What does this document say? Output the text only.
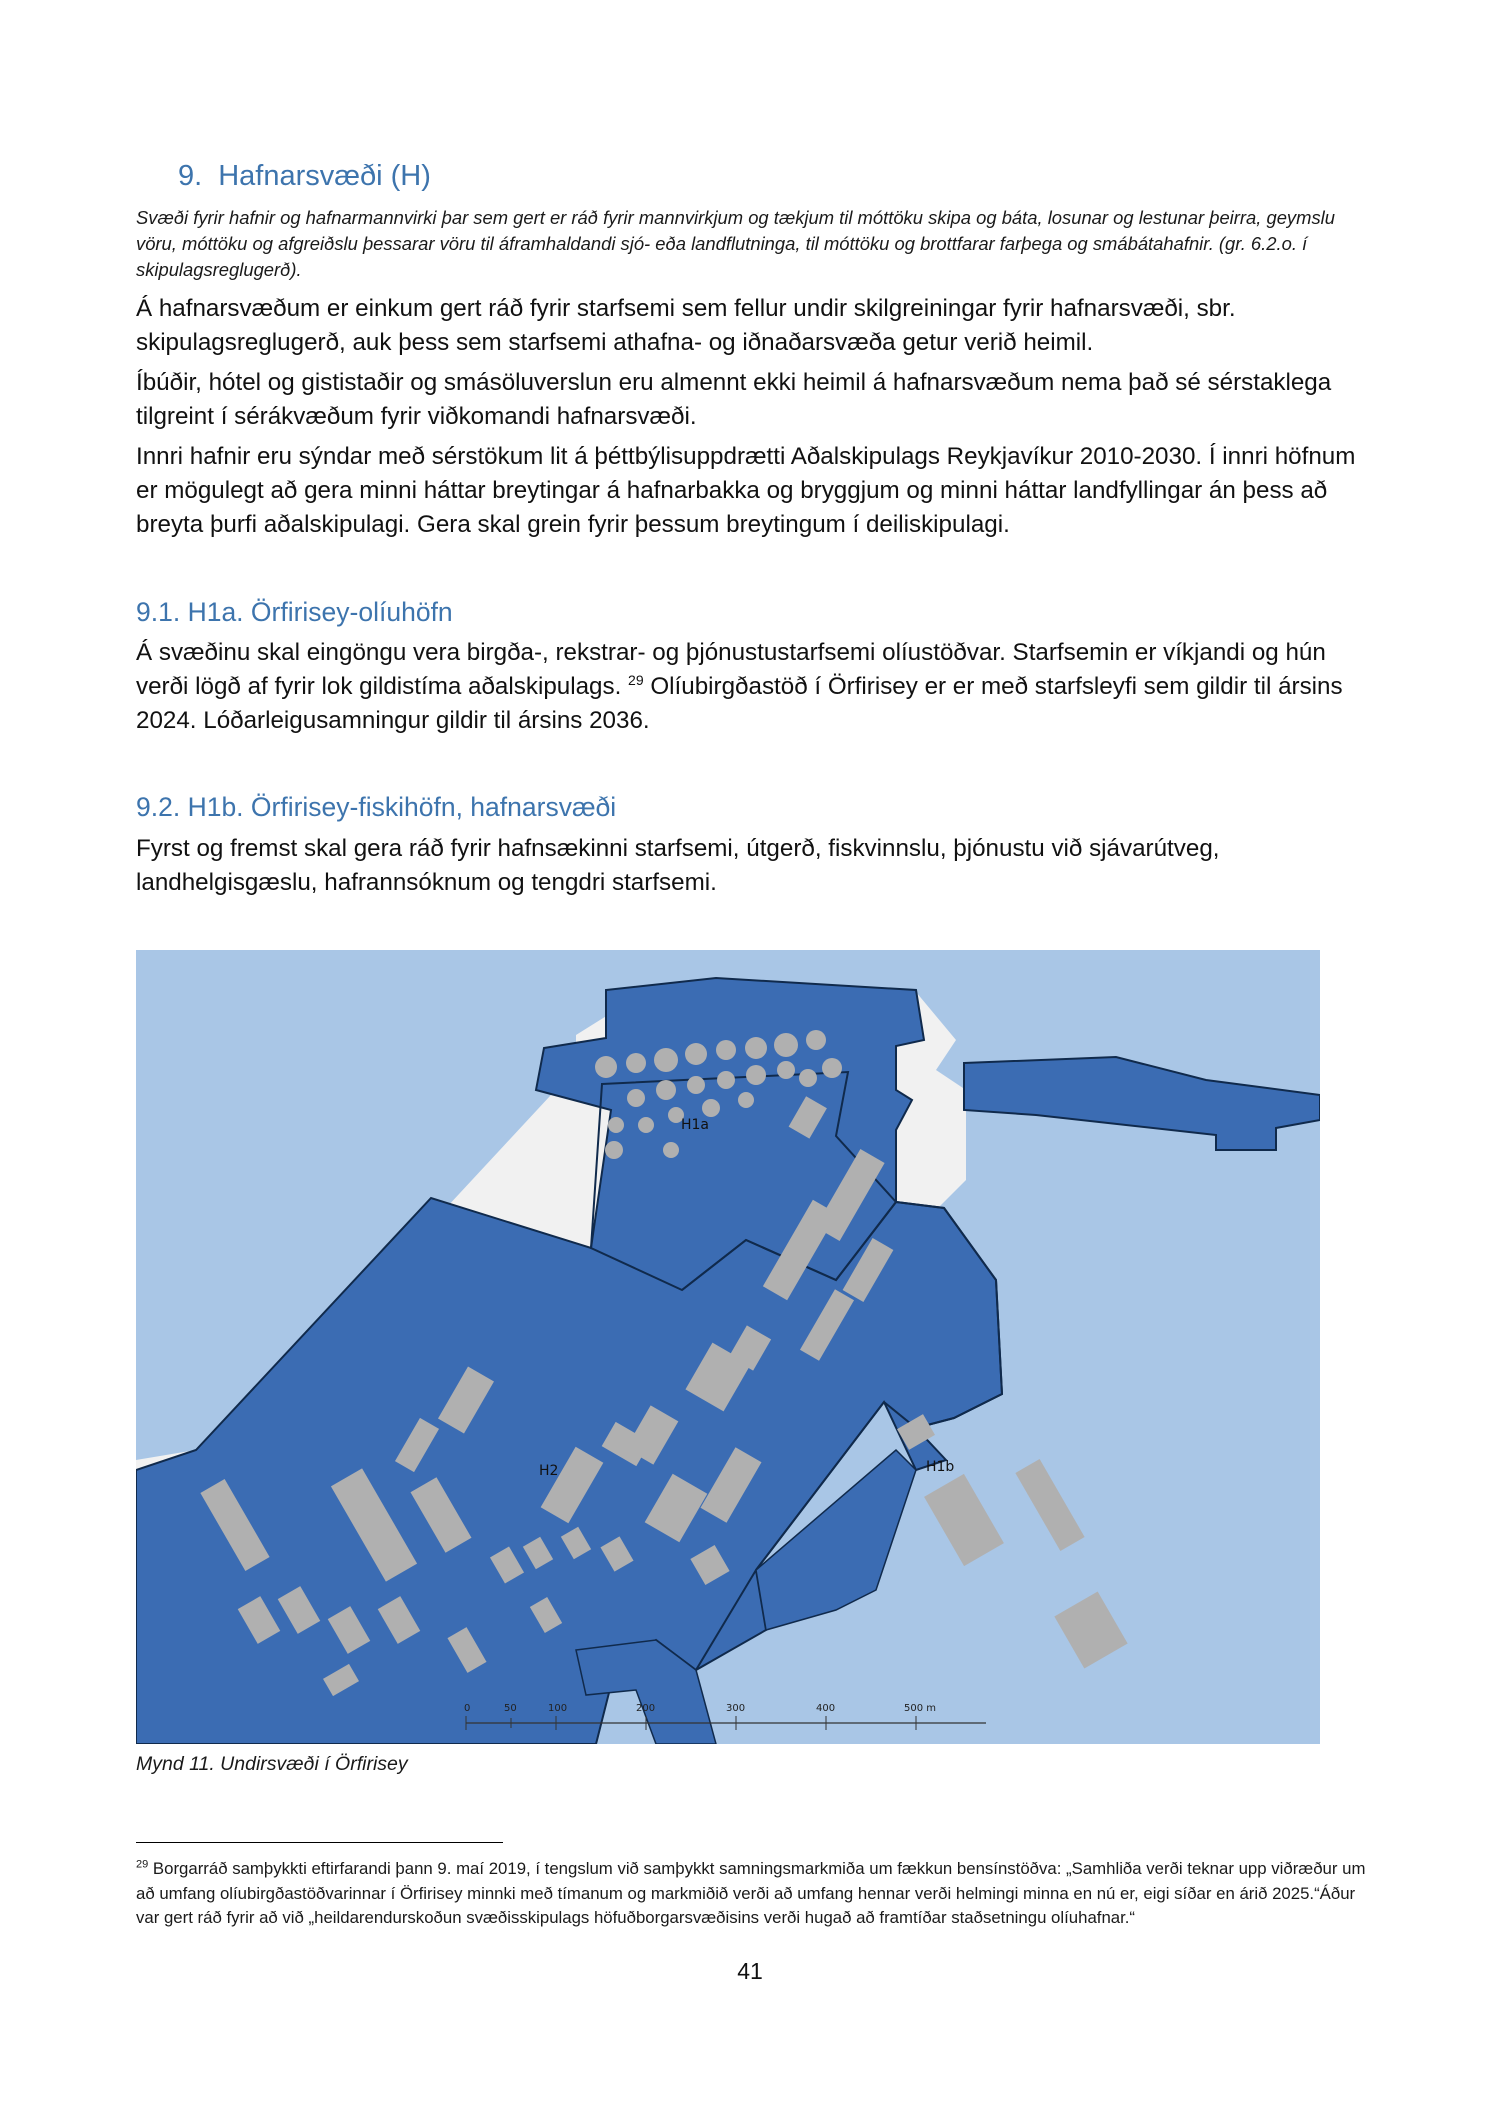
9. Hafnarsvæði (H)

Svæði fyrir hafnir og hafnarmannvirki þar sem gert er ráð fyrir mannvirkjum og tækjum til móttöku skipa og báta, losunar og lestunar þeirra, geymslu vöru, móttöku og afgreiðslu þessarar vöru til áframhaldandi sjó- eða landflutninga, til móttöku og brottfarar farþega og smábátahafnir. (gr. 6.2.o. í skipulagsreglugerð).

Á hafnarsvæðum er einkum gert ráð fyrir starfsemi sem fellur undir skilgreiningar fyrir hafnarsvæði, sbr. skipulagsreglugerð, auk þess sem starfsemi athafna- og iðnaðarsvæða getur verið heimil.

Íbúðir, hótel og gististaðir og smásöluverslun eru almennt ekki heimil á hafnarsvæðum nema það sé sérstaklega tilgreint í sérákvæðum fyrir viðkomandi hafnarsvæði.

Innri hafnir eru sýndar með sérstökum lit á þéttbýlisuppdrætti Aðalskipulags Reykjavíkur 2010-2030. Í innri höfnum er mögulegt að gera minni háttar breytingar á hafnarbakka og bryggjum og minni háttar landfyllingar án þess að breyta þurfi aðalskipulagi. Gera skal grein fyrir þessum breytingum í deiliskipulagi.

9.1. H1a. Örfirisey-olíuhöfn

Á svæðinu skal eingöngu vera birgða-, rekstrar- og þjónustustarfsemi olíustöðvar. Starfsemin er víkjandi og hún verði lögð af fyrir lok gildistíma aðalskipulags. $^{29}$ Olíubirgðastöð í Örfirisey er er með starfsleyfi sem gildir til ársins 2024. Lóðarleigusamningur gildir til ársins 2036.

9.2. H1b. Örfirisey-fiskihöfn, hafnarsvæði

Fyrst og fremst skal gera ráð fyrir hafnsækinni starfsemi, útgerð, fiskvinnslu, þjónustu við sjávarútveg, landhelgisgæslu, hafrannsóknum og tengdri starfsemi.

H1a
H1b
H2
0	50	100	200	300	400	500 m

Mynd 11. Undirsvæði í Örfirisey

$^{29}$ Borgarráð samþykkti eftirfarandi þann 9. maí 2019, í tengslum við samþykkt samningsmarkmiða um fækkun bensínstöðva: „Samhliða verði teknar upp viðræður um að umfang olíubirgðastöðvarinnar í Örfirisey minnki með tímanum og markmiðið verði að umfang hennar verði helmingi minna en nú er, eigi síðar en árið 2025.“Áður var gert ráð fyrir að við „heildarendurskoðun svæðisskipulags höfuðborgarsvæðisins verði hugað að framtíðar staðsetningu olíuhafnar.“

41
